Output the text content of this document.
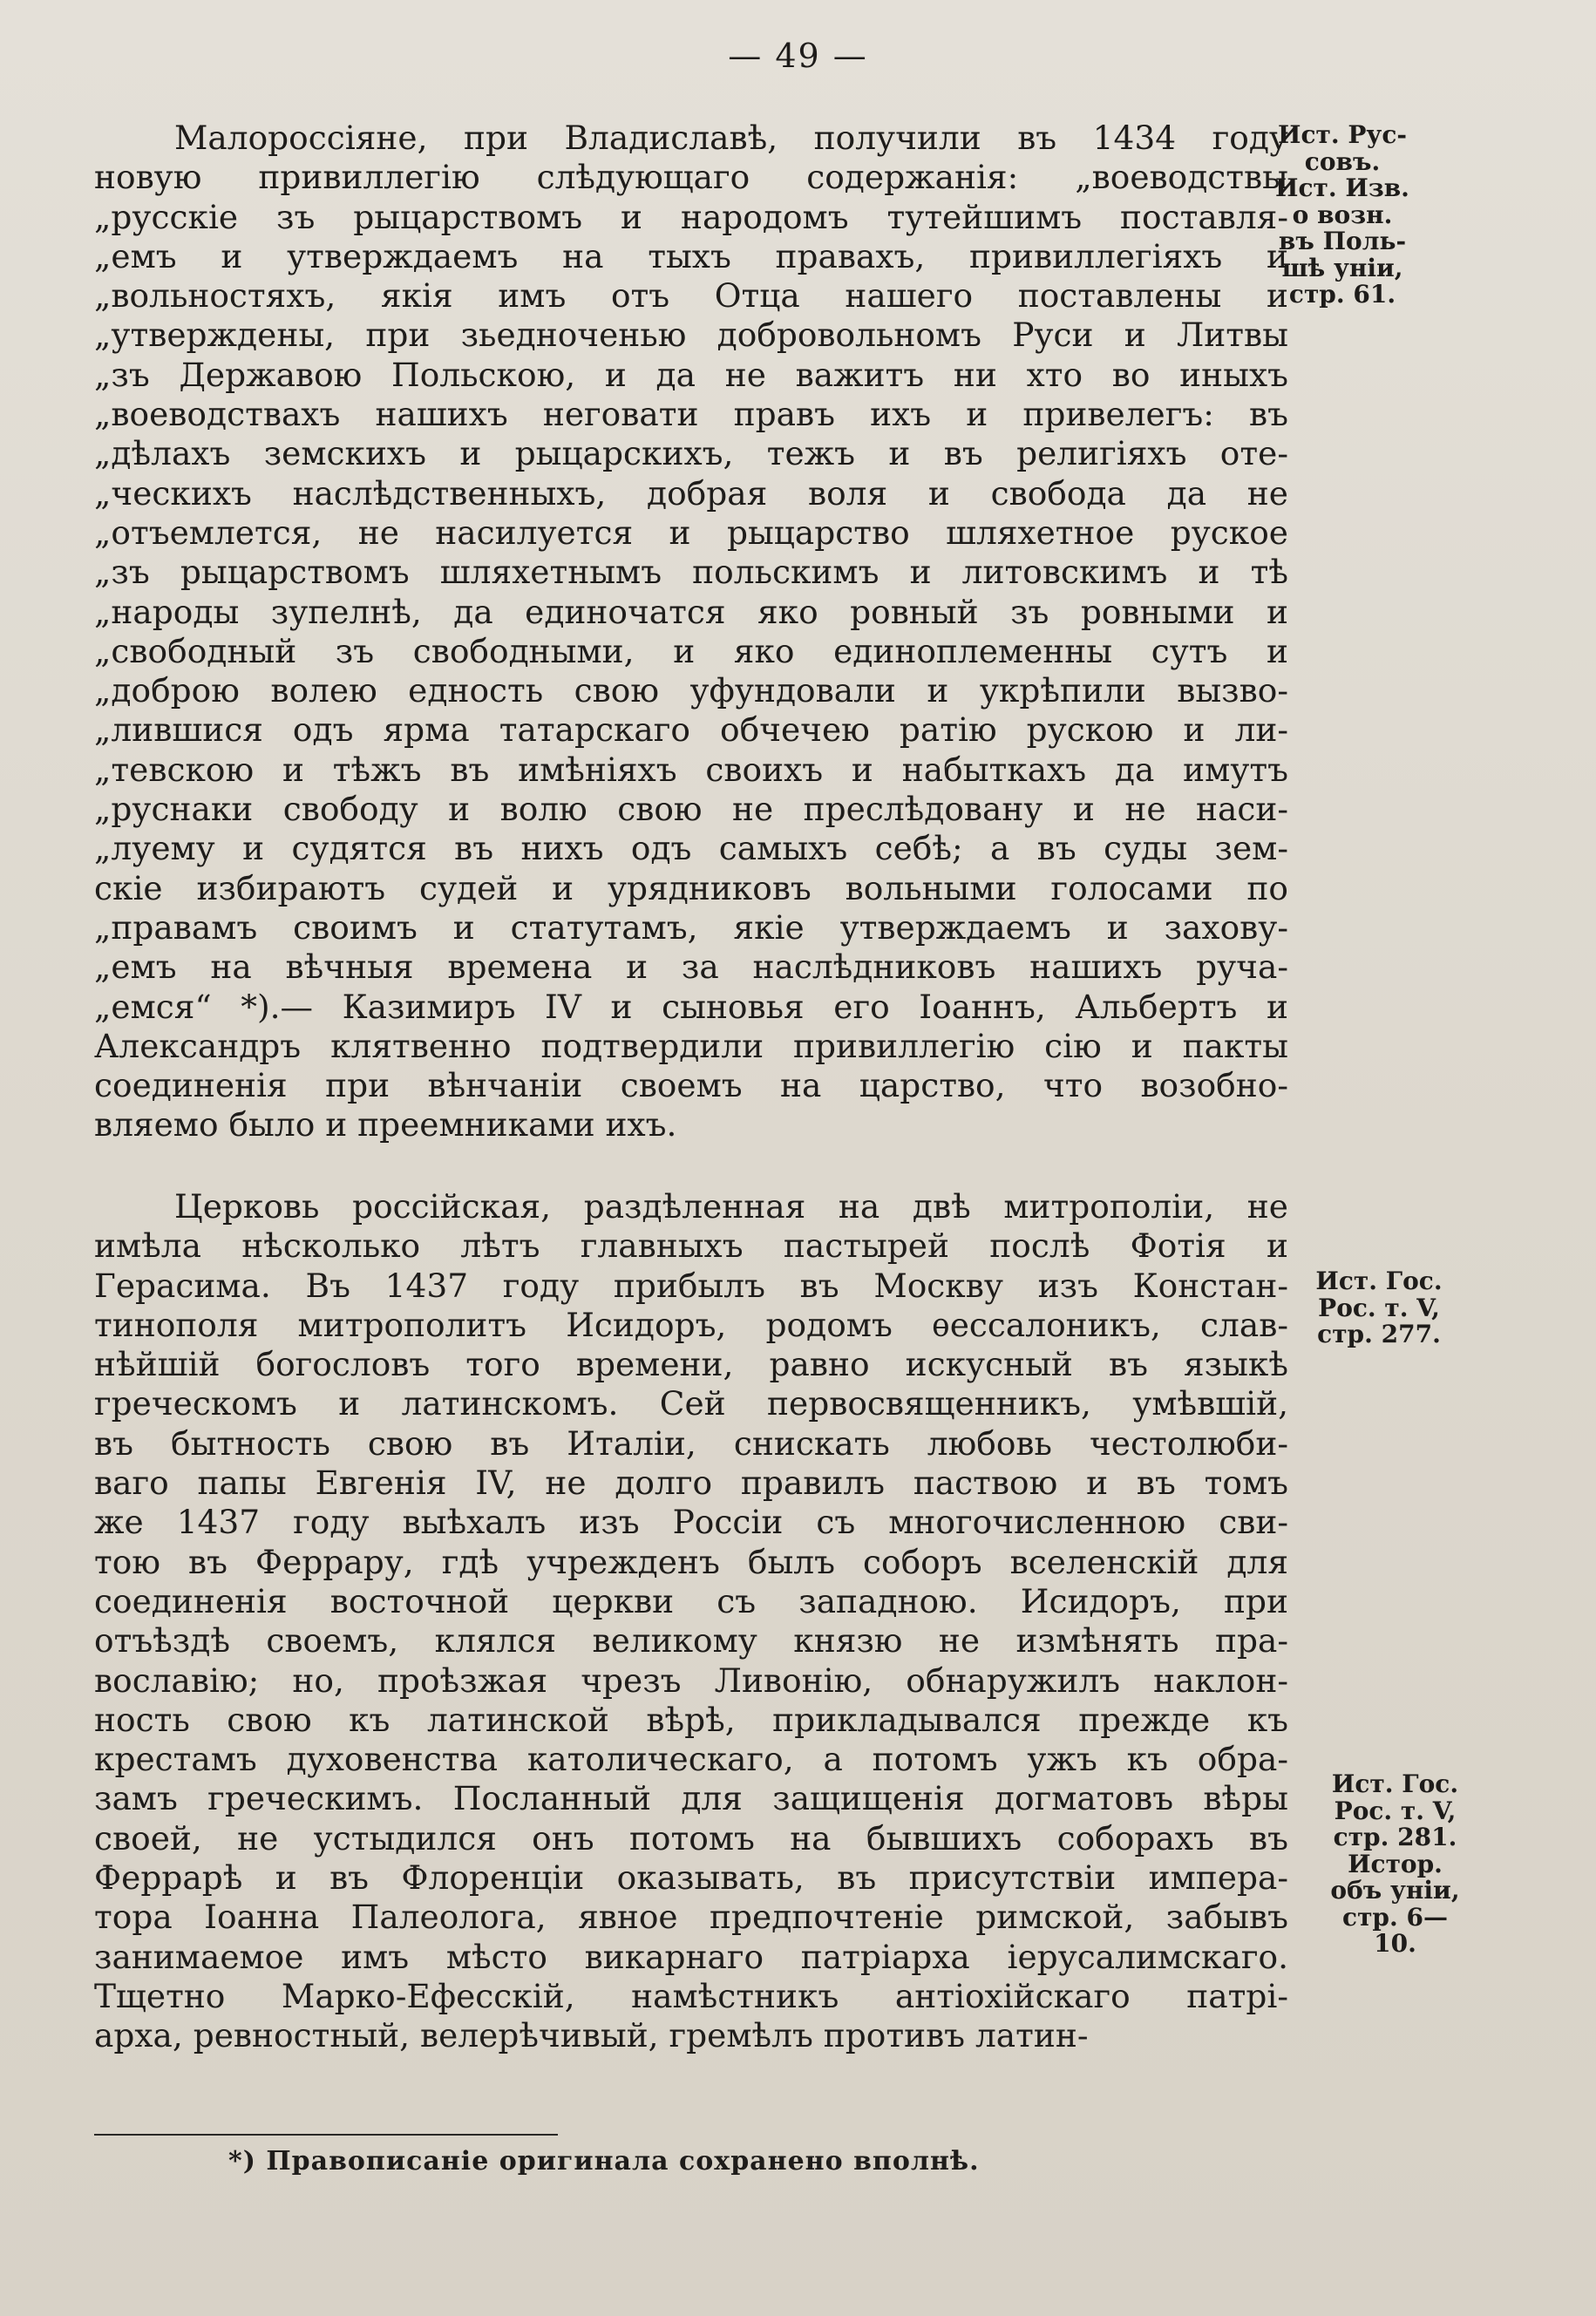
— 49 —
Малороссіяне, при Владиславѣ, получили въ 1434 году
новую привиллегію слѣдующаго содержанія: „воеводствы
„русскіе зъ рыцарствомъ и народомъ тутейшимъ поставля-
„емъ и утверждаемъ на тыхъ правахъ, привиллегіяхъ и
„вольностяхъ, якія имъ отъ Отца нашего поставлены и
„утверждены, при зьедноченью добровольномъ Руси и Литвы
„зъ Державою Польскою, и да не важитъ ни хто во иныхъ
„воеводствахъ нашихъ неговати правъ ихъ и привелегъ: въ
„дѣлахъ земскихъ и рыцарскихъ, тежъ и въ религіяхъ оте-
„ческихъ наслѣдственныхъ, добрая воля и свобода да не
„отъемлется, не насилуется и рыцарство шляхетное руское
„зъ рыцарствомъ шляхетнымъ польскимъ и литовскимъ и тѣ
„народы зупелнѣ, да единочатся яко ровный зъ ровными и
„свободный зъ свободными, и яко единоплеменны сутъ и
„доброю волею едность свою уфундовали и укрѣпили вызво-
„лившися одъ ярма татарскаго обчечею ратію рускою и ли-
„тевскою и тѣжъ въ имѣніяхъ своихъ и набыткахъ да имутъ
„руснаки свободу и волю свою не преслѣдовану и не наси-
„луему и судятся въ нихъ одъ самыхъ себѣ; а въ суды зем-
скіе избираютъ судей и урядниковъ вольными голосами по
„правамъ своимъ и статутамъ, якіе утверждаемъ и захову-
„емъ на вѣчныя времена и за наслѣдниковъ нашихъ руча-
„емся“ *).— Казимиръ IV и сыновья его Іоаннъ, Альбертъ и
Александръ клятвенно подтвердили привиллегію сію и пакты
соединенія при вѣнчаніи своемъ на царство, что возобно-
вляемо было и преемниками ихъ.
Церковь россійская, раздѣленная на двѣ митрополіи, не
имѣла нѣсколько лѣтъ главныхъ пастырей послѣ Фотія и
Герасима. Въ 1437 году прибылъ въ Москву изъ Констан-
тинополя митрополитъ Исидоръ, родомъ ѳессалоникъ, слав-
нѣйшій богословъ того времени, равно искусный въ языкѣ
греческомъ и латинскомъ. Сей первосвященникъ, умѣвшій,
въ бытность свою въ Италіи, снискать любовь честолюби-
ваго папы Евгенія IV, не долго правилъ паствою и въ томъ
же 1437 году выѣхалъ изъ Россіи съ многочисленною сви-
тою въ Феррару, гдѣ учрежденъ былъ соборъ вселенскій для
соединенія восточной церкви съ западною. Исидоръ, при
отъѣздѣ своемъ, клялся великому князю не измѣнять пра-
вославію; но, проѣзжая чрезъ Ливонію, обнаружилъ наклон-
ность свою къ латинской вѣрѣ, прикладывался прежде къ
крестамъ духовенства католическаго, а потомъ ужъ къ обра-
замъ греческимъ. Посланный для защищенія догматовъ вѣры
своей, не устыдился онъ потомъ на бывшихъ соборахъ въ
Феррарѣ и въ Флоренціи оказывать, въ присутствіи импера-
тора Іоанна Палеолога, явное предпочтеніе римской, забывъ
занимаемое имъ мѣсто викарнаго патріарха іерусалимскаго.
Тщетно Марко-Ефесскій, намѣстникъ антіохійскаго патрі-
арха, ревностный, велерѣчивый, гремѣлъ противъ латин-
Ист. Рус-
совъ.
Ист. Изв.
о возн.
въ Поль-
шѣ уніи,
стр. 61.
Ист. Гос.
Рос. т. V,
стр. 277.
Ист. Гос.
Рос. т. V,
стр. 281.
Истор.
объ уніи,
стр. 6—
10.
*) Правописаніе оригинала сохранено вполнѣ.
